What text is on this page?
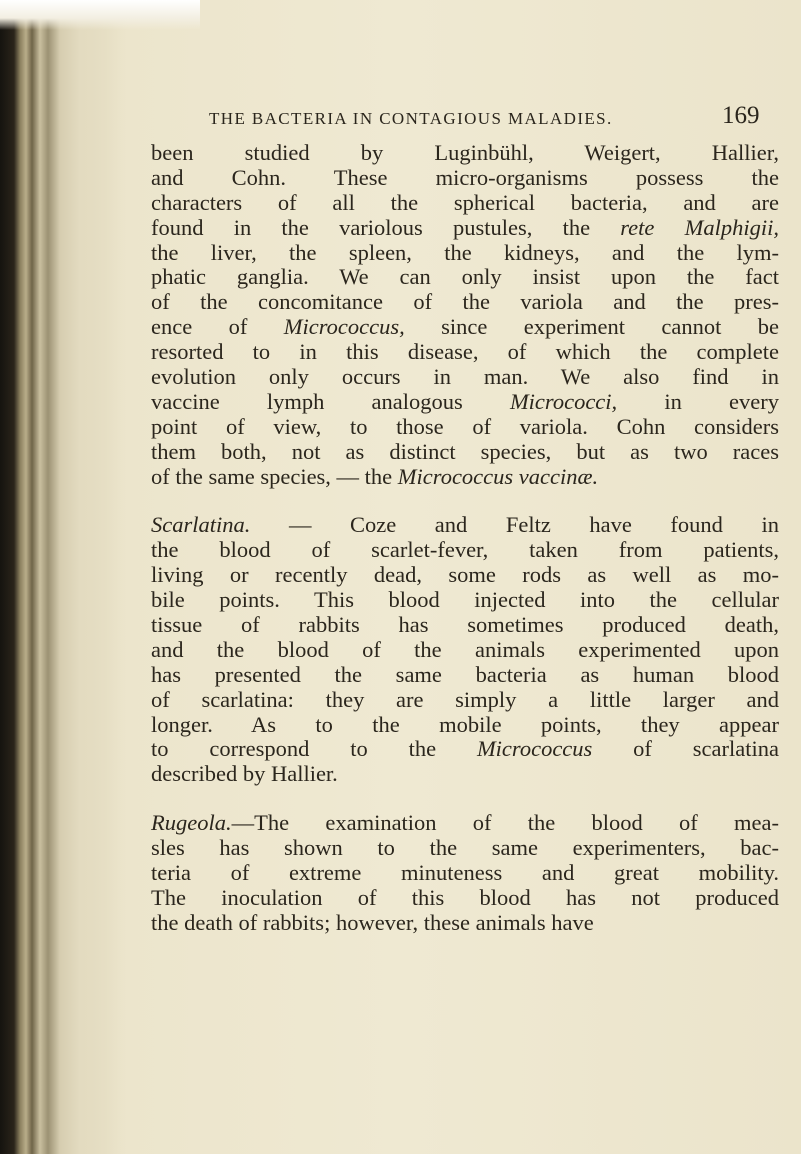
THE BACTERIA IN CONTAGIOUS MALADIES.	169
been studied by Luginbühl, Weigert, Hallier,
and Cohn. These micro-organisms possess the
characters of all the spherical bacteria, and are
found in the variolous pustules, the rete Malphigii,
the liver, the spleen, the kidneys, and the lym-
phatic ganglia. We can only insist upon the fact
of the concomitance of the variola and the pres-
ence of Micrococcus, since experiment cannot be
resorted to in this disease, of which the complete
evolution only occurs in man. We also find in
vaccine lymph analogous Micrococci, in every
point of view, to those of variola. Cohn considers
them both, not as distinct species, but as two races
of the same species, — the Micrococcus vaccinæ.
Scarlatina. — Coze and Feltz have found in
the blood of scarlet-fever, taken from patients,
living or recently dead, some rods as well as mo-
bile points. This blood injected into the cellular
tissue of rabbits has sometimes produced death,
and the blood of the animals experimented upon
has presented the same bacteria as human blood
of scarlatina: they are simply a little larger and
longer. As to the mobile points, they appear
to correspond to the Micrococcus of scarlatina
described by Hallier.
Rugeola.—The examination of the blood of mea-
sles has shown to the same experimenters, bac-
teria of extreme minuteness and great mobility.
The inoculation of this blood has not produced
the death of rabbits; however, these animals have
